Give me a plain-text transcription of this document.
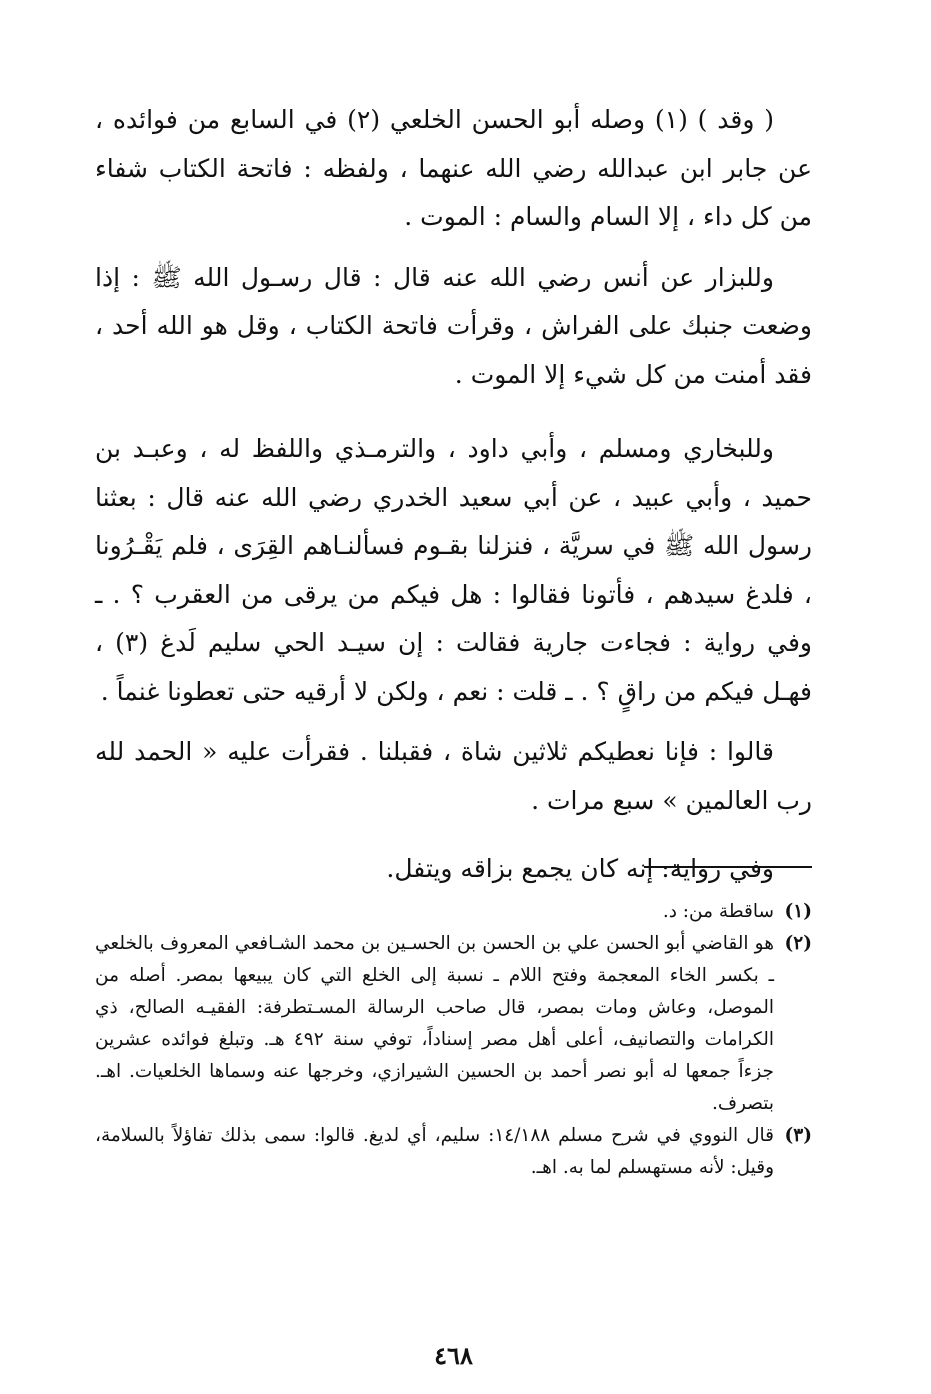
( وقد ) (١) وصله أبو الحسن الخلعي (٢) في السابع من فوائده ، عن جابر ابن عبدالله رضي الله عنهما ، ولفظه : فاتحة الكتاب شفاء من كل داء ، إلا السام والسام : الموت .

وللبزار عن أنس رضي الله عنه قال : قال رسـول الله ﷺ : إذا وضعت جنبك على الفراش ، وقرأت فاتحة الكتاب ، وقل هو الله أحد ، فقد أمنت من كل شيء إلا الموت .

وللبخاري ومسلم ، وأبي داود ، والترمـذي واللفظ له ، وعبـد بن حميد ، وأبي عبيد ، عن أبي سعيد الخدري رضي الله عنه قال : بعثنا رسول الله ﷺ في سريَّة ، فنزلنا بقـوم فسألنـاهم القِرَى ، فلم يَقْـرُونا ، فلدغ سيدهم ، فأتونا فقالوا : هل فيكم من يرقى من العقرب ؟ . ـ وفي رواية : فجاءت جارية فقالت : إن سيـد الحي سليم لَدغ (٣) ، فهـل فيكم من راقٍ ؟ . ـ قلت : نعم ، ولكن لا أرقيه حتى تعطونا غنماً .

قالوا : فإنا نعطيكم ثلاثين شاة ، فقبلنا . فقرأت عليه « الحمد لله رب العالمين » سبع مرات .

وفي رواية: إنه كان يجمع بزاقه ويتفل.

(١)
ساقطة من: د.
(٢)
هو القاضي أبو الحسن علي بن الحسن بن الحسـين بن محمد الشـافعي المعروف بالخلعي ـ بكسر الخاء المعجمة وفتح اللام ـ نسبة إلى الخلع التي كان يبيعها بمصر. أصله من الموصل، وعاش ومات بمصر، قال صاحب الرسالة المسـتطرفة: الفقيـه الصالح، ذي الكرامات والتصانيف، أعلى أهل مصر إسناداً، توفي سنة ٤٩٢ هـ. وتبلغ فوائده عشرين جزءاً جمعها له أبو نصر أحمد بن الحسين الشيرازي، وخرجها عنه وسماها الخلعيات. اهـ. بتصرف.
(٣)
قال النووي في شرح مسلم ١٤/١٨٨: سليم، أي لديغ. قالوا: سمى بذلك تفاؤلاً بالسلامة، وقيل: لأنه مستهسلم لما به. اهـ.
٤٦٨
